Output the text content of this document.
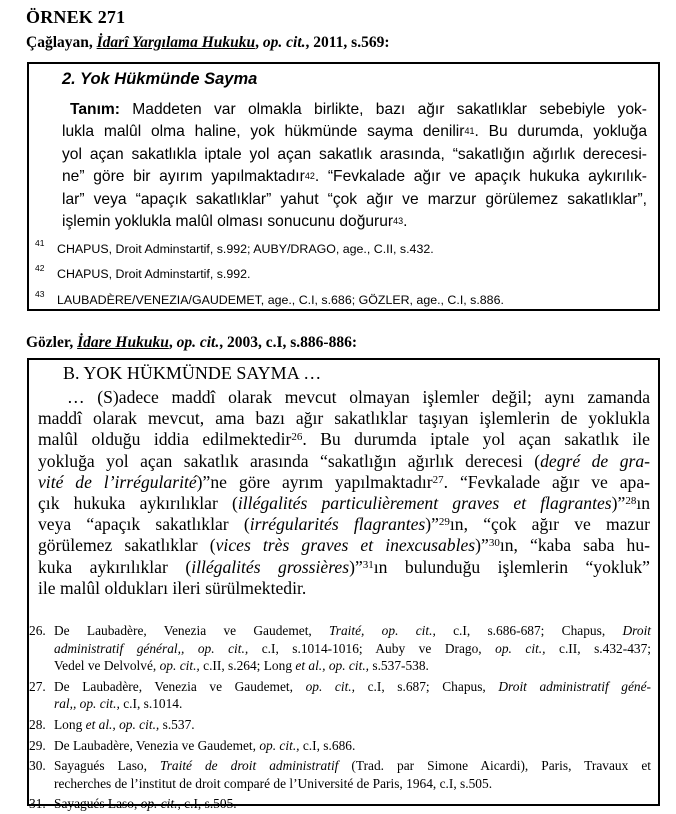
ÖRNEK 271
Çağlayan, İdarî Yargılama Hukuku, op. cit., 2011, s.569:
2. Yok Hükmünde Sayma
Tanım: Maddeten var olmakla birlikte, bazı ağır sakatlıklar sebebiyle yok-
lukla malûl olma haline, yok hükmünde sayma denilir$^{41}$. Bu durumda, yokluğa
yol açan sakatlıkla iptale yol açan sakatlık arasında, “sakatlığın ağırlık derecesi-
ne” göre bir ayırım yapılmaktadır$^{42}$. “Fevkalade ağır ve apaçık hukuka aykırılık-
lar” veya “apaçık sakatlıklar” yahut “çok ağır ve marzur görülemez sakatlıklar”,
işlemin yoklukla malûl olması sonucunu doğurur$^{43}$.
41 CHAPUS, Droit Adminstartif, s.992; AUBY/DRAGO, age., C.II, s.432.
42 CHAPUS, Droit Adminstartif, s.992.
43 LAUBADÈRE/VENEZIA/GAUDEMET, age., C.I, s.686; GÖZLER, age., C.I, s.886.
Gözler, İdare Hukuku, op. cit., 2003, c.I, s.886-886:
B. YOK HÜKMÜNDE SAYMA …
… (S)adece maddî olarak mevcut olmayan işlemler değil; aynı zamanda
maddî olarak mevcut, ama bazı ağır sakatlıklar taşıyan işlemlerin de yoklukla
malûl olduğu iddia edilmektedir$^{26}$. Bu durumda iptale yol açan sakatlık ile
yokluğa yol açan sakatlık arasında “sakatlığın ağırlık derecesi (degré de gra-
vité de l’irrégularité)”ne göre ayrım yapılmaktadır$^{27}$. “Fevkalade ağır ve apa-
çık hukuka aykırılıklar (illégalités particulièrement graves et flagrantes)”$^{28}$ın
veya “apaçık sakatlıklar (irrégularités flagrantes)”$^{29}$ın, “çok ağır ve mazur
görülemez sakatlıklar (vices très graves et inexcusables)”$^{30}$ın, “kaba saba hu-
kuka aykırılıklar (illégalités grossières)”$^{31}$ın bulunduğu işlemlerin “yokluk”
ile malûl oldukları ileri sürülmektedir.
26. De Laubadère, Venezia ve Gaudemet, Traité, op. cit., c.I, s.686-687; Chapus, Droit
administratif général,, op. cit., c.I, s.1014-1016; Auby ve Drago, op. cit., c.II, s.432-437;
Vedel ve Delvolvé, op. cit., c.II, s.264; Long et al., op. cit., s.537-538.
27. De Laubadère, Venezia ve Gaudemet, op. cit., c.I, s.687; Chapus, Droit administratif géné-
ral,, op. cit., c.I, s.1014.
28. Long et al., op. cit., s.537.
29. De Laubadère, Venezia ve Gaudemet, op. cit., c.I, s.686.
30. Sayagués Laso, Traité de droit administratif (Trad. par Simone Aicardi), Paris, Travaux et
recherches de l’institut de droit comparé de l’Université de Paris, 1964, c.I, s.505.
31. Sayagués Laso, op. cit., c.I, s.505.
